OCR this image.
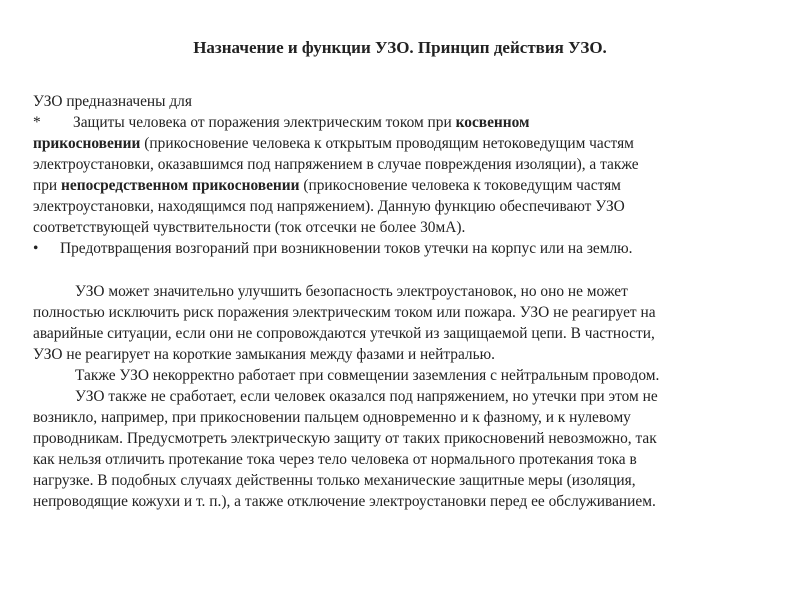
Назначение и функции УЗО. Принцип действия УЗО.
УЗО предназначены для
* Защиты человека от поражения электрическим током при косвенном
прикосновении (прикосновение человека к открытым проводящим нетоковедущим частям
электроустановки, оказавшимся под напряжением в случае повреждения изоляции), а также
при непосредственном прикосновении (прикосновение человека к токоведущим частям
электроустановки, находящимся под напряжением). Данную функцию обеспечивают УЗО
соответствующей чувствительности (ток отсечки не более 30мА).
• Предотвращения возгораний при возникновении токов утечки на корпус или на землю.
УЗО может значительно улучшить безопасность электроустановок, но оно не может
полностью исключить риск поражения электрическим током или пожара. УЗО не реагирует на
аварийные ситуации, если они не сопровождаются утечкой из защищаемой цепи. В частности,
УЗО не реагирует на короткие замыкания между фазами и нейтралью.
Также УЗО некорректно работает при совмещении заземления с нейтральным проводом.
УЗО также не сработает, если человек оказался под напряжением, но утечки при этом не
возникло, например, при прикосновении пальцем одновременно и к фазному, и к нулевому
проводникам. Предусмотреть электрическую защиту от таких прикосновений невозможно, так
как нельзя отличить протекание тока через тело человека от нормального протекания тока в
нагрузке. В подобных случаях действенны только механические защитные меры (изоляция,
непроводящие кожухи и т. п.), а также отключение электроустановки перед ее обслуживанием.
